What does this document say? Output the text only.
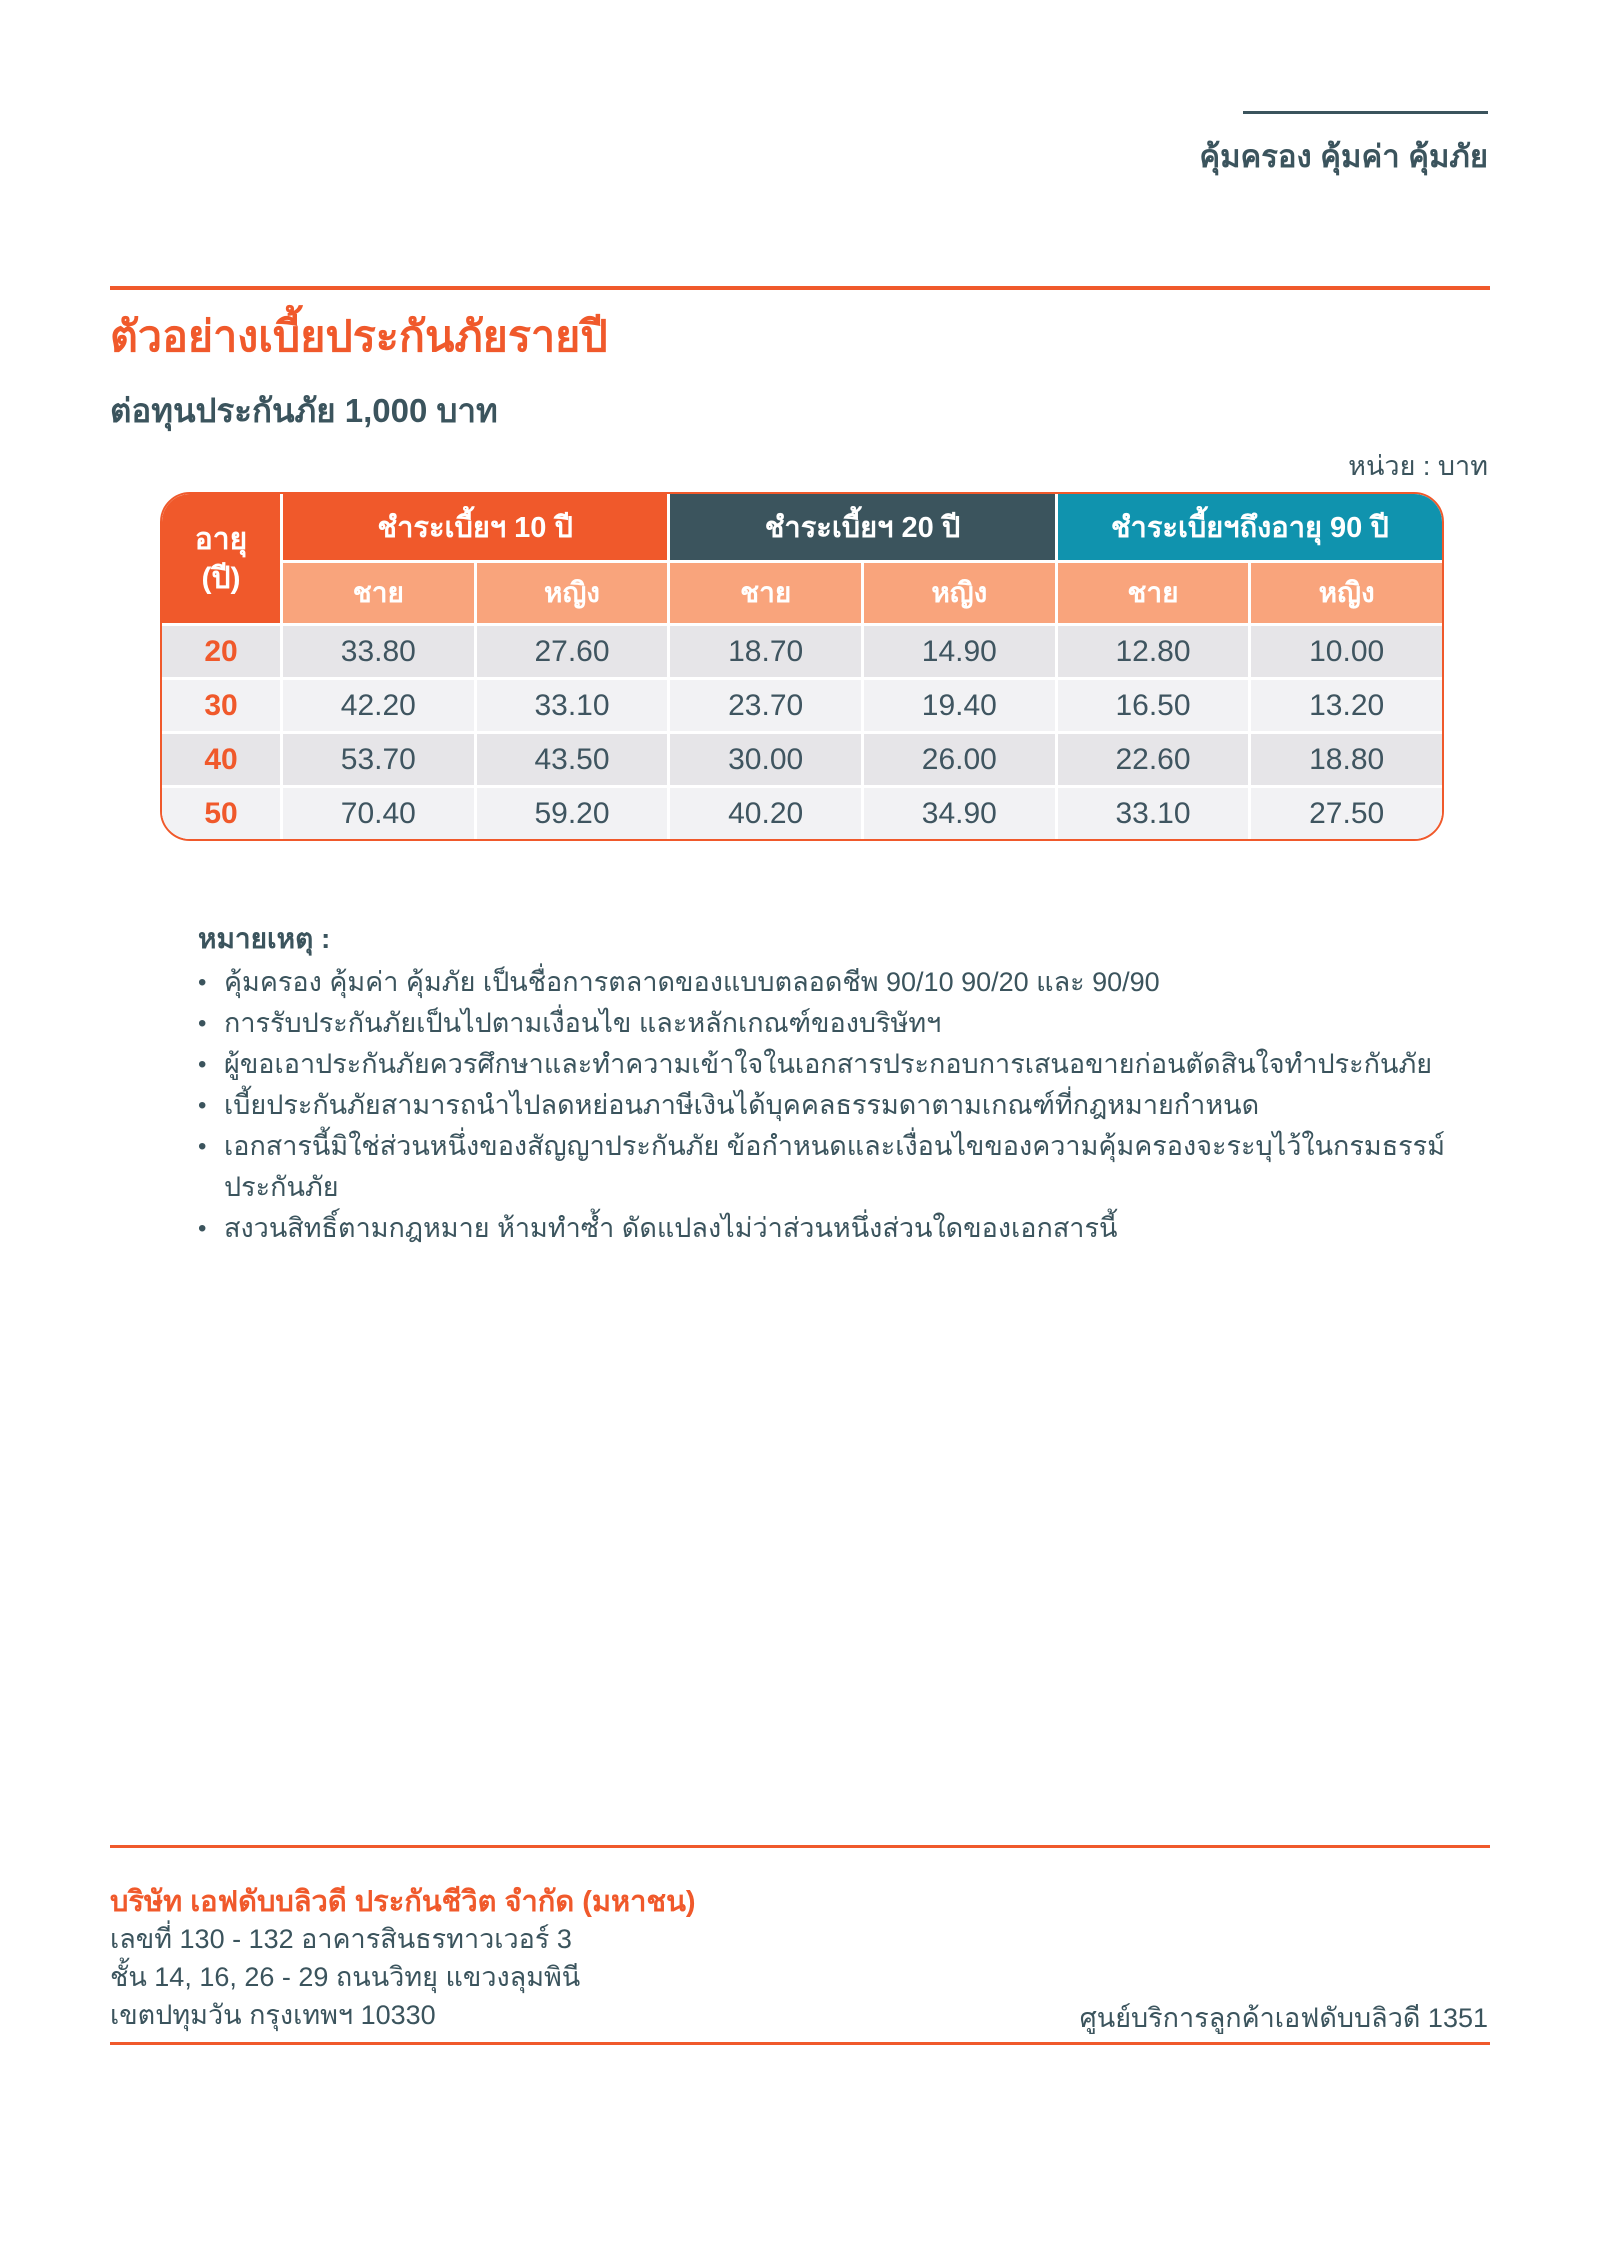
คุ้มครอง คุ้มค่า คุ้มภัย
ตัวอย่างเบี้ยประกันภัยรายปี
ต่อทุนประกันภัย 1,000 บาท
หน่วย : บาท
อายุ
(ปี)
ชำระเบี้ยฯ 10 ปี	ชำระเบี้ยฯ 20 ปี	ชำระเบี้ยฯถึงอายุ 90 ปี
ชาย	หญิง	ชาย	หญิง	ชาย	หญิง
20	33.80	27.60	18.70	14.90	12.80	10.00
30	42.20	33.10	23.70	19.40	16.50	13.20
40	53.70	43.50	30.00	26.00	22.60	18.80
50	70.40	59.20	40.20	34.90	33.10	27.50
หมายเหตุ :
• คุ้มครอง คุ้มค่า คุ้มภัย เป็นชื่อการตลาดของแบบตลอดชีพ 90/10 90/20 และ 90/90
• การรับประกันภัยเป็นไปตามเงื่อนไข และหลักเกณฑ์ของบริษัทฯ
• ผู้ขอเอาประกันภัยควรศึกษาและทำความเข้าใจในเอกสารประกอบการเสนอขายก่อนตัดสินใจทำประกันภัย
• เบี้ยประกันภัยสามารถนำไปลดหย่อนภาษีเงินได้บุคคลธรรมดาตามเกณฑ์ที่กฎหมายกำหนด
• เอกสารนี้มิใช่ส่วนหนึ่งของสัญญาประกันภัย ข้อกำหนดและเงื่อนไขของความคุ้มครองจะระบุไว้ในกรมธรรม์ประกันภัย
• สงวนสิทธิ์ตามกฎหมาย ห้ามทำซ้ำ ดัดแปลงไม่ว่าส่วนหนึ่งส่วนใดของเอกสารนี้
บริษัท เอฟดับบลิวดี ประกันชีวิต จำกัด (มหาชน)
เลขที่ 130 - 132 อาคารสินธรทาวเวอร์ 3
ชั้น 14, 16, 26 - 29 ถนนวิทยุ แขวงลุมพินี
เขตปทุมวัน กรุงเทพฯ 10330	ศูนย์บริการลูกค้าเอฟดับบลิวดี 1351
